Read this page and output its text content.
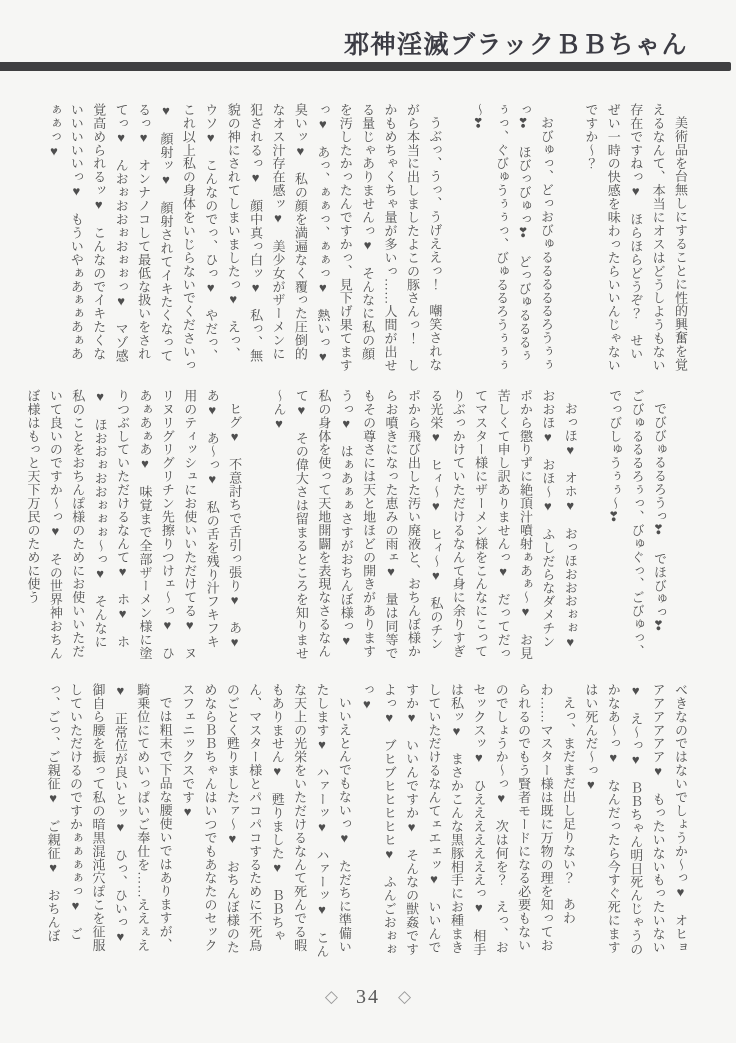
邪神淫滅ブラックＢＢちゃん

美術品を台無しにすることに性的興奮を覚えるなんて、本当にオスはどうしようもない存在ですねっ♥　ほらほらどうぞ？　せいぜい一時の快感を味わったらいいんじゃないですか～？

おびゅっ、どっおびゅるるるるるろうぅぅっ❣　ほびっびゅっ❣　どっびゅるるるぅぅっ、ぐびゅうぅぅっ、びゅるるろうぅぅぅ～❣

うぶっ、うっ、うげええっ！　嘲笑されながら本当に出しましたよこの豚さんっ！　しかもめちゃくちゃ量が多いっ……人間が出せる量じゃありませんっ♥　そんなに私の顔を汚したかったんですかっ、見下げ果てますっ♥　あっ、ぁぁっ、ぁぁっ♥　熱いっ♥　臭いッ♥　私の顔を満遍なく覆った圧倒的なオス汁存在感ッ♥　美少女がザーメンに犯されるっ♥　顔中真っ白ッ♥　私っ、無貌の神にされてしまいましたっ♥　えっ、ウソ♥　こんなのでっ、ひっ♥　やだっ、これ以上私の身体をいじらないでくださいっ♥　顔射ッ♥　顔射されてイキたくなってるっ♥　オンナノコして最低な扱いをされてっ♥　んおぉおおぉおぉぉっ♥　マゾ感覚高められるッ♥　こんなのでイキたくないいいいいっ♥　もういやぁあぁぁあぁあぁぁっ♥

でびびゅるるろうっ❣　でほびゅっ❣　ごびゅるるるろぅっ、びゅぐっ、ごびゅっ、でっびしゅうぅぅ～❣

おっほ♥　オホ♥　おっほおおおぉぉ♥　おおほ♥　おほ～♥　ふしだらなダメチンポから懲りずに絶頂汁噴射ぁあぁ～♥　お見苦しくて申し訳ありませんっ♥　だってだってマスター様にザーメン様をこんなにこってりぶっかけていただけるなんて身に余りすぎる光栄♥　ヒィ～♥　ヒィ～♥　私のチンポから飛び出した汚い廃液と、おちんぼ様からお噴きになった恵みの雨ェ♥　量は同等でもその尊さには天と地ほどの開きがありますうっ♥　はぁあぁぁさすがおちんぼ様っ♥　私の身体を使って天地開闢を表現なさるなんて♥　その偉大さは留まるところを知りませ～ん♥

ヒグ♥　不意討ちで舌引っ張り♥　あ♥　あ♥　あ～っ♥　私の舌を残り汁フキフキ用のティッシュにお使いいただけてる♥　ヌリヌリグリグリチン先擦りつけェ～っ♥　ひあぁあぁあ♥　味覚まで全部ザーメン様に塗りつぶしていただけるなんて♥　ホ♥　ホ♥　ほおおぉおおぉぉぉ～っ♥　そんなに私のことをおちんぽ様のためにお使いいただいて良いのですか～っ♥　その世界神おちんぼ様はもっと天下万民のために使う

べきなのではないでしょうか～っ♥　オヒョアアアアアア♥　もったいないもったいない♥　え～っ♥　ＢＢちゃん明日死んじゃうのかなあ～っ♥　なんだったら今すぐ死にますはい死んだ～っ♥

えっ、まだまだ出し足りない？　あわわ……マスター様は既に万物の理を知っておられるのでもう賢者モードになる必要もないのでしょうか～っ♥　次は何を？　えっ、おセックスッ♥　ひえええええええっ♥　相手は私ッ♥　まさかこんな黒豚相手にお種まきしていただけるなんてェエェッ♥　いいんですか♥　いいんですか♥　そんなの獣姦ですよっ♥　ブヒブヒヒヒヒヒ♥　ふんごおぉぉっ♥

いいえとんでもないっ♥　ただちに準備いたします♥　ハァーッ♥　ハァーッ♥　こんな天上の光栄をいただけるなんて死んでる暇もありません♥　甦りました♥　ＢＢちゃん、マスター様とパコパコするために不死鳥のごとく甦りましたァ～♥　おちんぼ様のためならＢＢちゃんはいつでもあなたのセックスフェニックスです♥

では粗末で下品な腰使いではありますが、騎乗位にてめいっぱいご奉仕を……ええぇえ♥　正常位が良いとッ♥　ひっ、ひいっ♥　御自ら腰を振って私の暗黒混沌穴ぽこを征服していただけるのですかぁぁぁぁっ♥　ごっ、ごっ、ご親征♥　ご親征♥　おちんぼ

◇ 34 ◇
